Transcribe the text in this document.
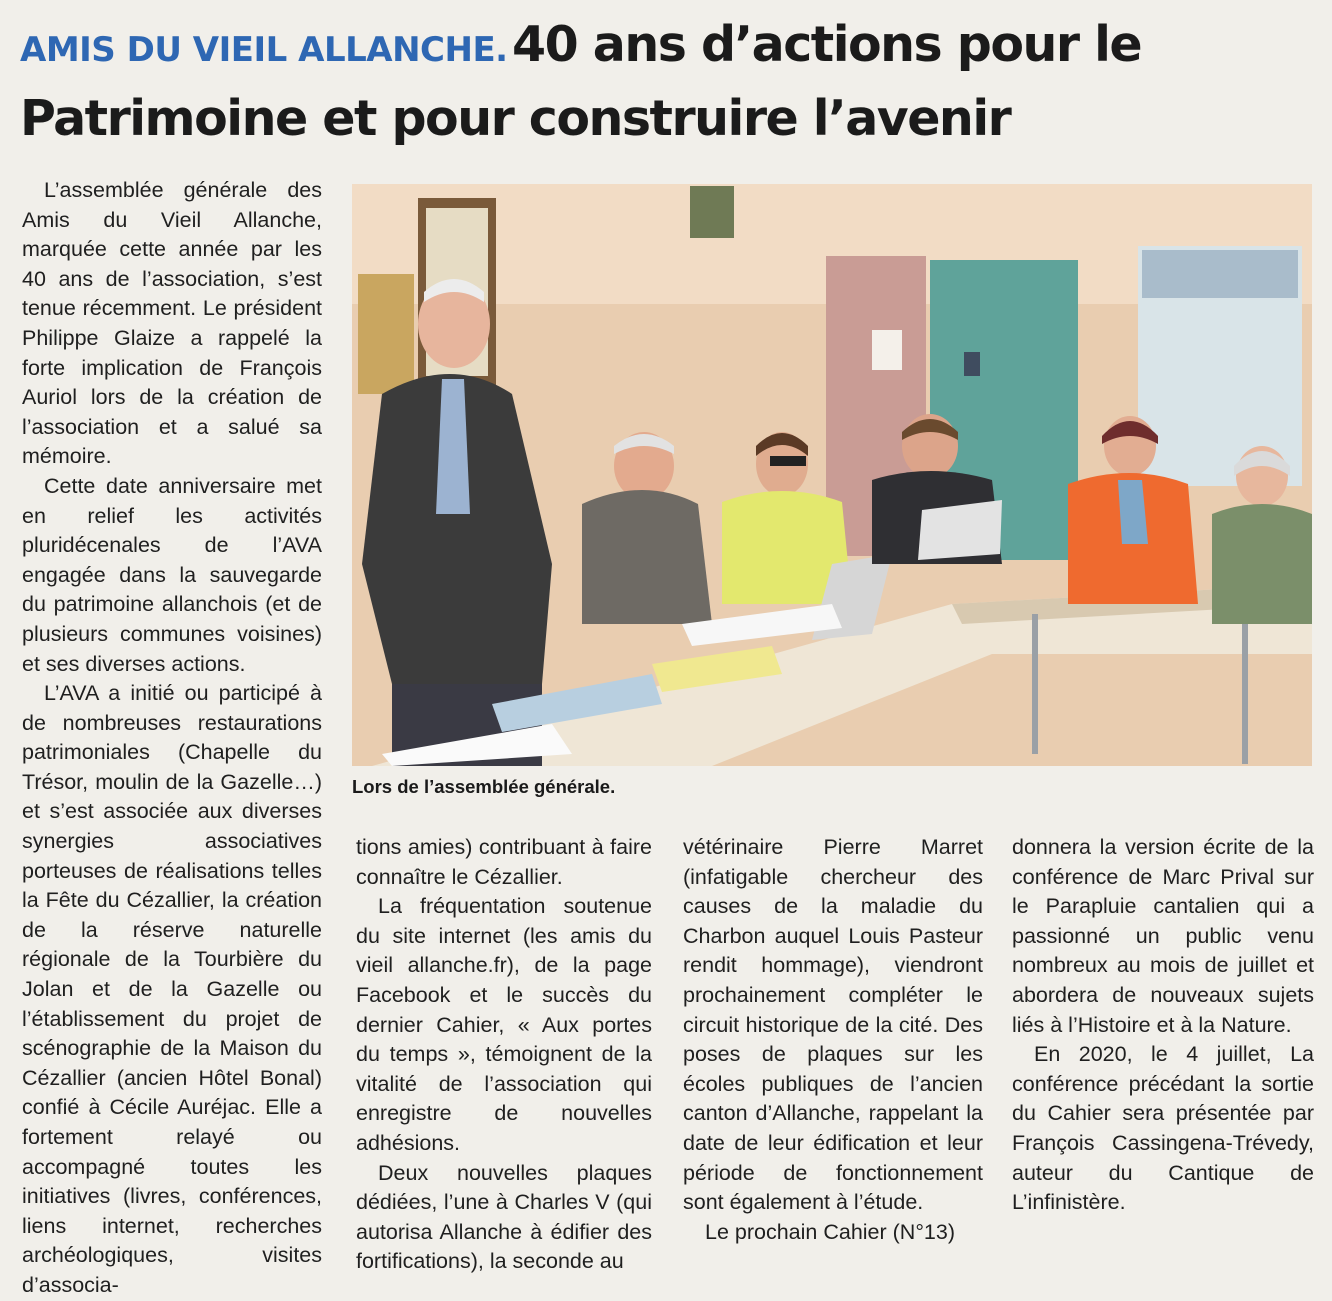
AMIS DU VIEIL ALLANCHE. 40 ans d’actions pour le
Patrimoine et pour construire l’avenir

L’assemblée générale des Amis du Vieil Allanche, marquée cette année par les 40 ans de l’association, s’est tenue récemment. Le président Philippe Glaize a rappelé la forte implication de François Auriol lors de la création de l’association et a salué sa mémoire.

Cette date anniversaire met en relief les activités pluridécenales de l’AVA engagée dans la sauvegarde du patrimoine allanchois (et de plusieurs communes voisines) et ses diverses actions.

L’AVA a initié ou participé à de nombreuses restaurations patrimoniales (Chapelle du Trésor, moulin de la Gazelle…) et s’est associée aux diverses synergies associatives porteuses de réalisations telles la Fête du Cézallier, la création de la réserve naturelle régionale de la Tourbière du Jolan et de la Gazelle ou l’établissement du projet de scénographie de la Maison du Cézallier (ancien Hôtel Bonal) confié à Cécile Auréjac. Elle a fortement relayé ou accompagné toutes les initiatives (livres, conférences, liens internet, recherches archéologiques, visites d’associa-

Lors de l’assemblée générale.

tions amies) contribuant à faire connaître le Cézallier.

La fréquentation soutenue du site internet (les amis du vieil allanche.fr), de la page Facebook et le succès du dernier Cahier, « Aux portes du temps », témoignent de la vitalité de l’association qui enregistre de nouvelles adhésions.

Deux nouvelles plaques dédiées, l’une à Charles V (qui autorisa Allanche à édifier des fortifications), la seconde au

vétérinaire Pierre Marret (infatigable chercheur des causes de la maladie du Charbon auquel Louis Pasteur rendit hommage), viendront prochainement compléter le circuit historique de la cité. Des poses de plaques sur les écoles publiques de l’ancien canton d’Allanche, rappelant la date de leur édification et leur période de fonctionnement sont également à l’étude.

Le prochain Cahier (N°13)

donnera la version écrite de la conférence de Marc Prival sur le Parapluie cantalien qui a passionné un public venu nombreux au mois de juillet et abordera de nouveaux sujets liés à l’Histoire et à la Nature.

En 2020, le 4 juillet, La conférence précédant la sortie du Cahier sera présentée par François Cassingena-Trévedy, auteur du Cantique de L’infinistère.
